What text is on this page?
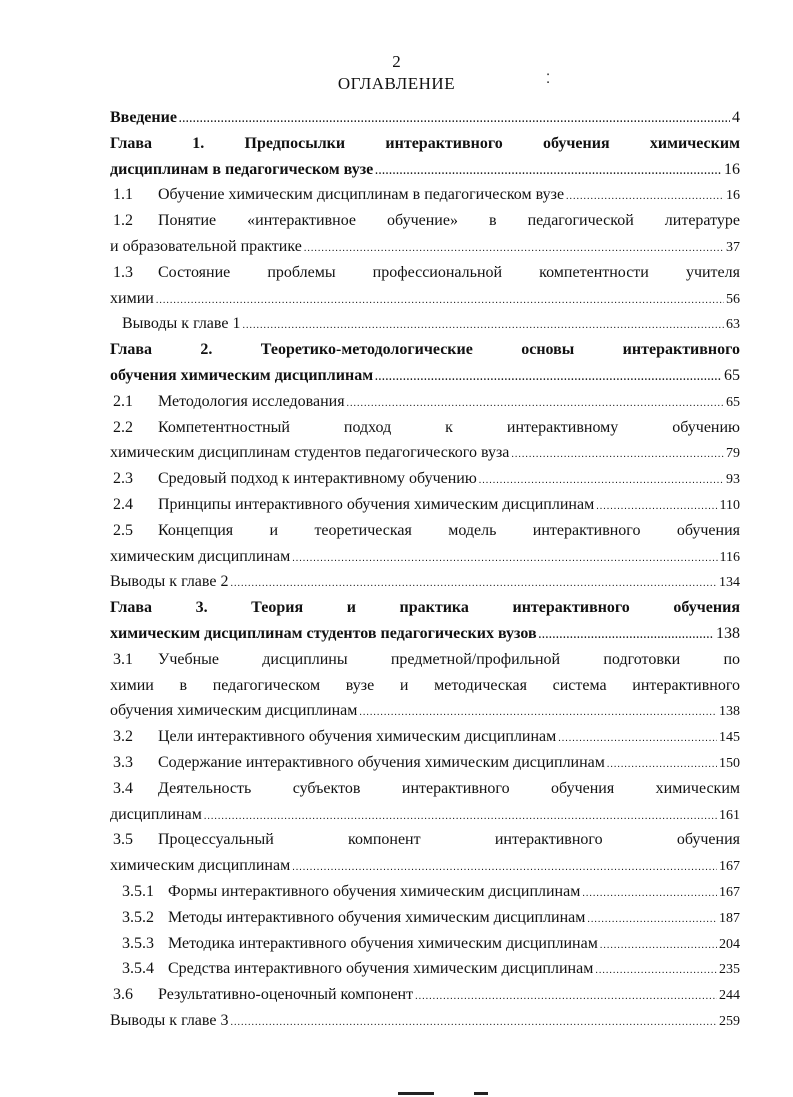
2
ОГЛАВЛЕНИЕ	⁚
Введение .....	4
Глава 1. Предпосылки интерактивного обучения химическим
дисциплинам в педагогическом вузе .....	16
1.1 Обучение химическим дисциплинам в педагогическом вузе .....	16
1.2 Понятие «интерактивное обучение» в педагогической литературе
и образовательной практике .....	37
1.3 Состояние проблемы профессиональной компетентности учителя
химии .....	56
Выводы к главе 1 .....	63
Глава 2. Теоретико-методологические основы интерактивного
обучения химическим дисциплинам .....	65
2.1 Методология исследования .....	65
2.2 Компетентностный подход к интерактивному обучению
химическим дисциплинам студентов педагогического вуза .....	79
2.3 Средовый подход к интерактивному обучению .....	93
2.4 Принципы интерактивного обучения химическим дисциплинам .....	110
2.5 Концепция и теоретическая модель интерактивного обучения
химическим дисциплинам .....	116
Выводы к главе 2 .....	134
Глава 3. Теория и практика интерактивного обучения
химическим дисциплинам студентов педагогических вузов .....	138
3.1 Учебные дисциплины предметной/профильной подготовки по
химии в педагогическом вузе и методическая система интерактивного
обучения химическим дисциплинам .....	138
3.2 Цели интерактивного обучения химическим дисциплинам .....	145
3.3 Содержание интерактивного обучения химическим дисциплинам .....	150
3.4 Деятельность субъектов интерактивного обучения химическим
дисциплинам .....	161
3.5 Процессуальный компонент интерактивного обучения
химическим дисциплинам .....	167
3.5.1 Формы интерактивного обучения химическим дисциплинам .....	167
3.5.2 Методы интерактивного обучения химическим дисциплинам .....	187
3.5.3 Методика интерактивного обучения химическим дисциплинам .....	204
3.5.4 Средства интерактивного обучения химическим дисциплинам .....	235
3.6 Результативно-оценочный компонент .....	244
Выводы к главе 3 .....	259
